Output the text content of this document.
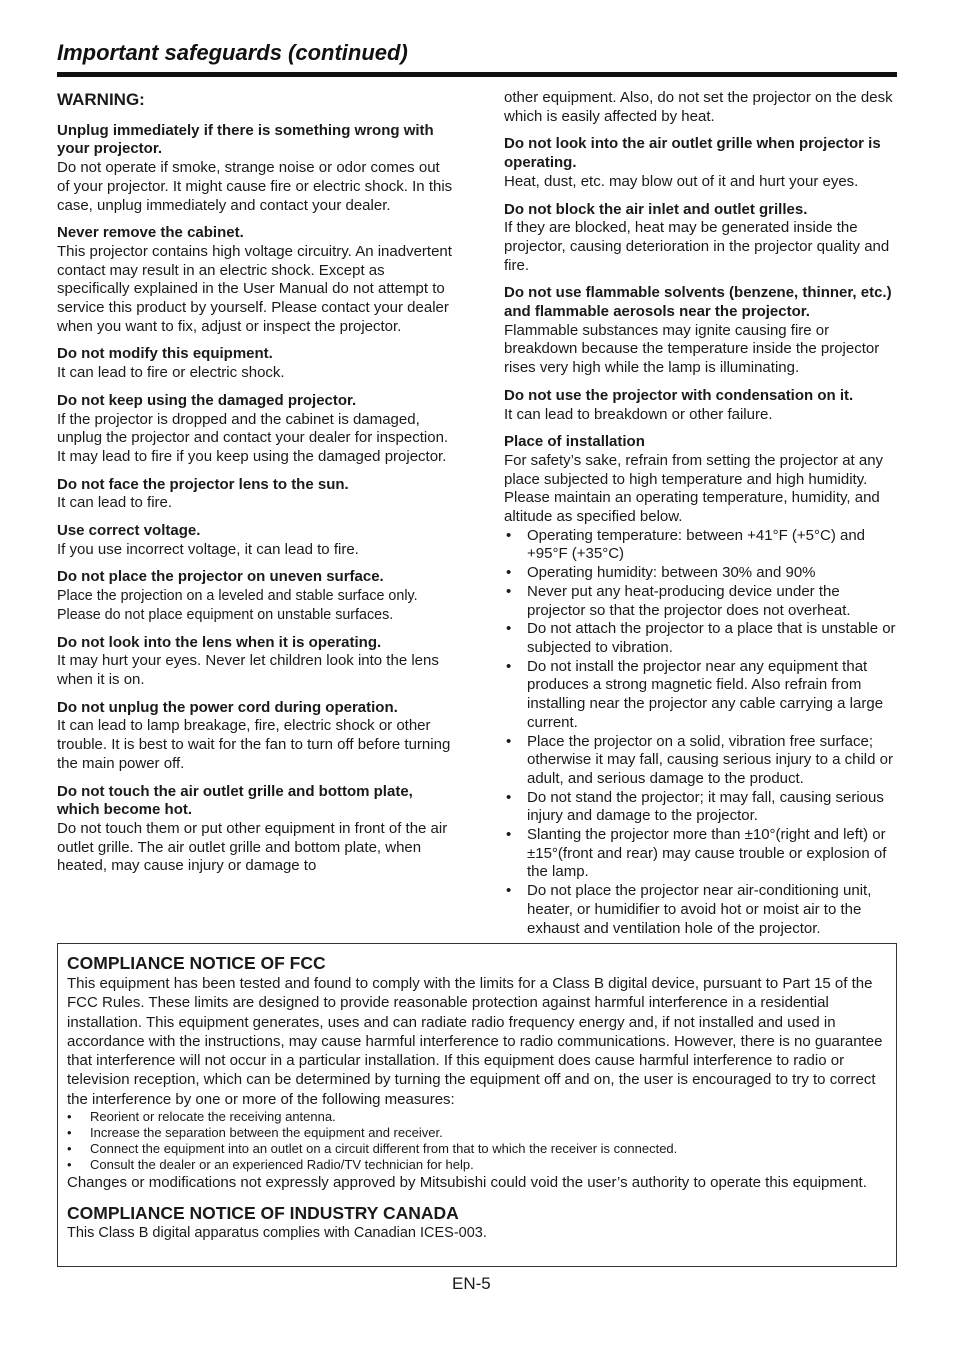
Important safeguards (continued)
WARNING:
Unplug immediately if there is something wrong with your projector.
Do not operate if smoke, strange noise or odor comes out of your projector. It might cause fire or electric shock. In this case, unplug immediately and contact your dealer.
Never remove the cabinet.
This projector contains high voltage circuitry. An inadvertent contact may result in an electric shock. Except as specifically explained in the User Manual do not attempt to service this product by yourself. Please contact your dealer when you want to fix, adjust or inspect the projector.
Do not modify this equipment.
It can lead to fire or electric shock.
Do not keep using the damaged projector.
If the projector is dropped and the cabinet is damaged, unplug the projector and contact your dealer for inspection. It may lead to fire if you keep using the damaged projector.
Do not face the projector lens to the sun.
It can lead to fire.
Use correct voltage.
If you use incorrect voltage, it can lead to fire.
Do not place the projector on uneven surface.
Place the projection on a leveled and stable surface only. Please do not place equipment on unstable surfaces.
Do not look into the lens when it is operating.
It may hurt your eyes. Never let children look into the lens when it is on.
Do not unplug the power cord during operation.
It can lead to lamp breakage, fire, electric shock or other trouble. It is best to wait for the fan to turn off before turning the main power off.
Do not touch the air outlet grille and bottom plate, which become hot.
Do not touch them or put other equipment in front of the air outlet grille. The air outlet grille and bottom plate, when heated, may cause injury or damage to
other equipment. Also, do not set the projector on the desk which is easily affected by heat.
Do not look into the air outlet grille when projector is operating.
Heat, dust, etc. may blow out of it and hurt your eyes.
Do not block the air inlet and outlet grilles.
If they are blocked, heat may be generated inside the projector, causing deterioration in the projector quality and fire.
Do not use flammable solvents (benzene, thinner, etc.) and flammable aerosols near the projector.
Flammable substances may ignite causing fire or breakdown because the temperature inside the projector rises very high while the lamp is illuminating.
Do not use the projector with condensation on it.
It can lead to breakdown or other failure.
Place of installation
For safety’s sake, refrain from setting the projector at any place subjected to high temperature and high humidity. Please maintain an operating temperature, humidity, and altitude as specified below.
• Operating temperature: between +41°F (+5°C) and +95°F (+35°C)
• Operating humidity: between 30% and 90%
• Never put any heat-producing device under the projector so that the projector does not overheat.
• Do not attach the projector to a place that is unstable or subjected to vibration.
• Do not install the projector near any equipment that produces a strong magnetic field. Also refrain from installing near the projector any cable carrying a large current.
• Place the projector on a solid, vibration free surface; otherwise it may fall, causing serious injury to a child or adult, and serious damage to the product.
• Do not stand the projector; it may fall, causing serious injury and damage to the projector.
• Slanting the projector more than ±10°(right and left) or ±15°(front and rear) may cause trouble or explosion of the lamp.
• Do not place the projector near air-conditioning unit, heater, or humidifier to avoid hot or moist air to the exhaust and ventilation hole of the projector.
COMPLIANCE NOTICE OF FCC
This equipment has been tested and found to comply with the limits for a Class B digital device, pursuant to Part 15 of the FCC Rules. These limits are designed to provide reasonable protection against harmful interference in a residential installation. This equipment generates, uses and can radiate radio frequency energy and, if not installed and used in accordance with the instructions, may cause harmful interference to radio communications. However, there is no guarantee that interference will not occur in a particular installation. If this equipment does cause harmful interference to radio or television reception, which can be determined by turning the equipment off and on, the user is encouraged to try to correct the interference by one or more of the following measures:
• Reorient or relocate the receiving antenna.
• Increase the separation between the equipment and receiver.
• Connect the equipment into an outlet on a circuit different from that to which the receiver is connected.
• Consult the dealer or an experienced Radio/TV technician for help.
Changes or modifications not expressly approved by Mitsubishi could void the user’s authority to operate this equipment.
COMPLIANCE NOTICE OF INDUSTRY CANADA
This Class B digital apparatus complies with Canadian ICES-003.
EN-5
